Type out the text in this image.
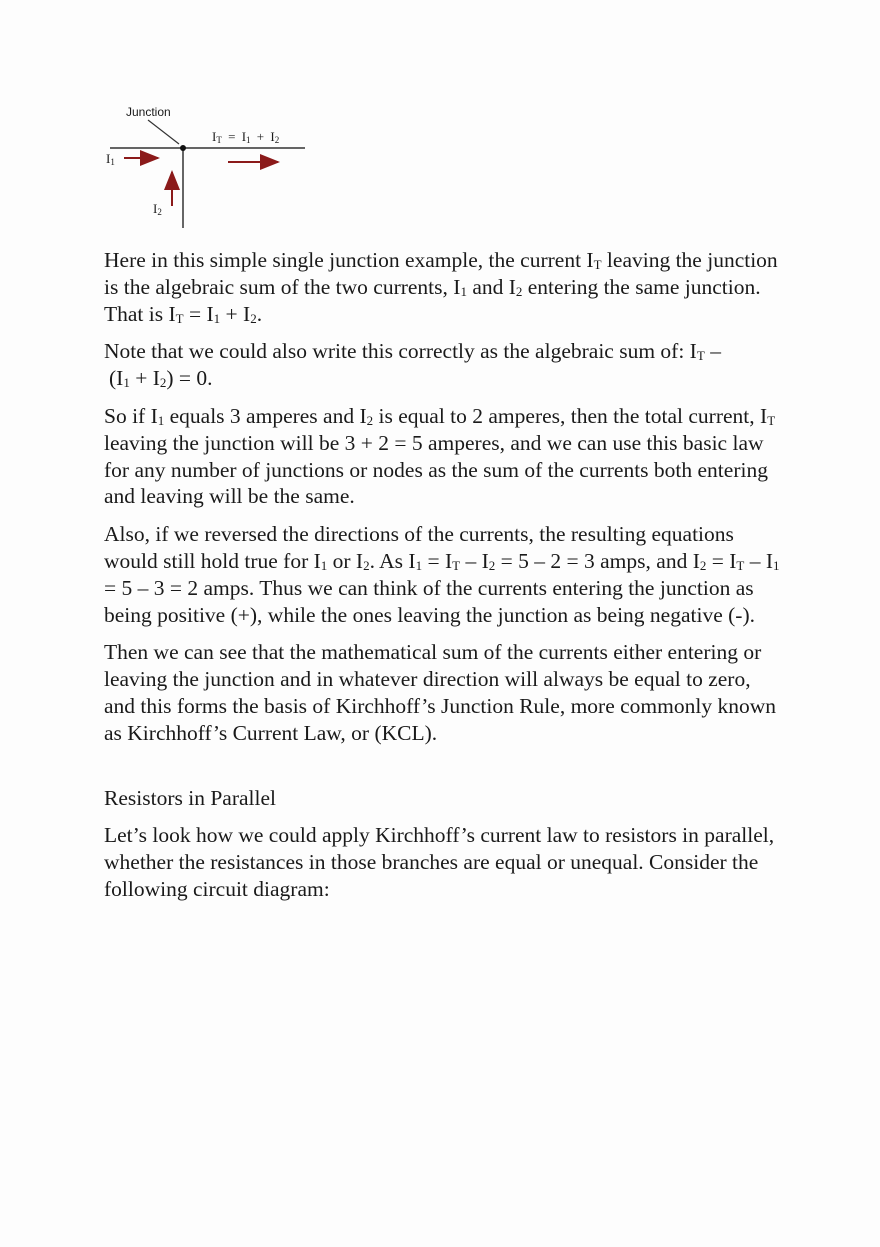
Junction
IT = I1 + I2
I1
I2

Here in this simple single junction example, the current $I_T$ leaving the junction is the algebraic sum of the two currents, $I_1$ and $I_2$ entering the same junction. That is $I_T = I_1 + I_2$.

Note that we could also write this correctly as the algebraic sum of: $I_T$ –
$(I_1 + I_2) = 0$.

So if $I_1$ equals 3 amperes and $I_2$ is equal to 2 amperes, then the total current, $I_T$ leaving the junction will be 3 + 2 = 5 amperes, and we can use this basic law for any number of junctions or nodes as the sum of the currents both entering and leaving will be the same.

Also, if we reversed the directions of the currents, the resulting equations would still hold true for $I_1$ or $I_2$. As $I_1 = I_T - I_2 = 5 - 2 = 3$ amps, and $I_2 = I_T - I_1 = 5 - 3 = 2$ amps. Thus we can think of the currents entering the junction as being positive (+), while the ones leaving the junction as being negative (-).

Then we can see that the mathematical sum of the currents either entering or leaving the junction and in whatever direction will always be equal to zero, and this forms the basis of Kirchhoff’s Junction Rule, more commonly known as Kirchhoff’s Current Law, or (KCL).

Resistors in Parallel

Let’s look how we could apply Kirchhoff’s current law to resistors in parallel, whether the resistances in those branches are equal or unequal. Consider the following circuit diagram:
